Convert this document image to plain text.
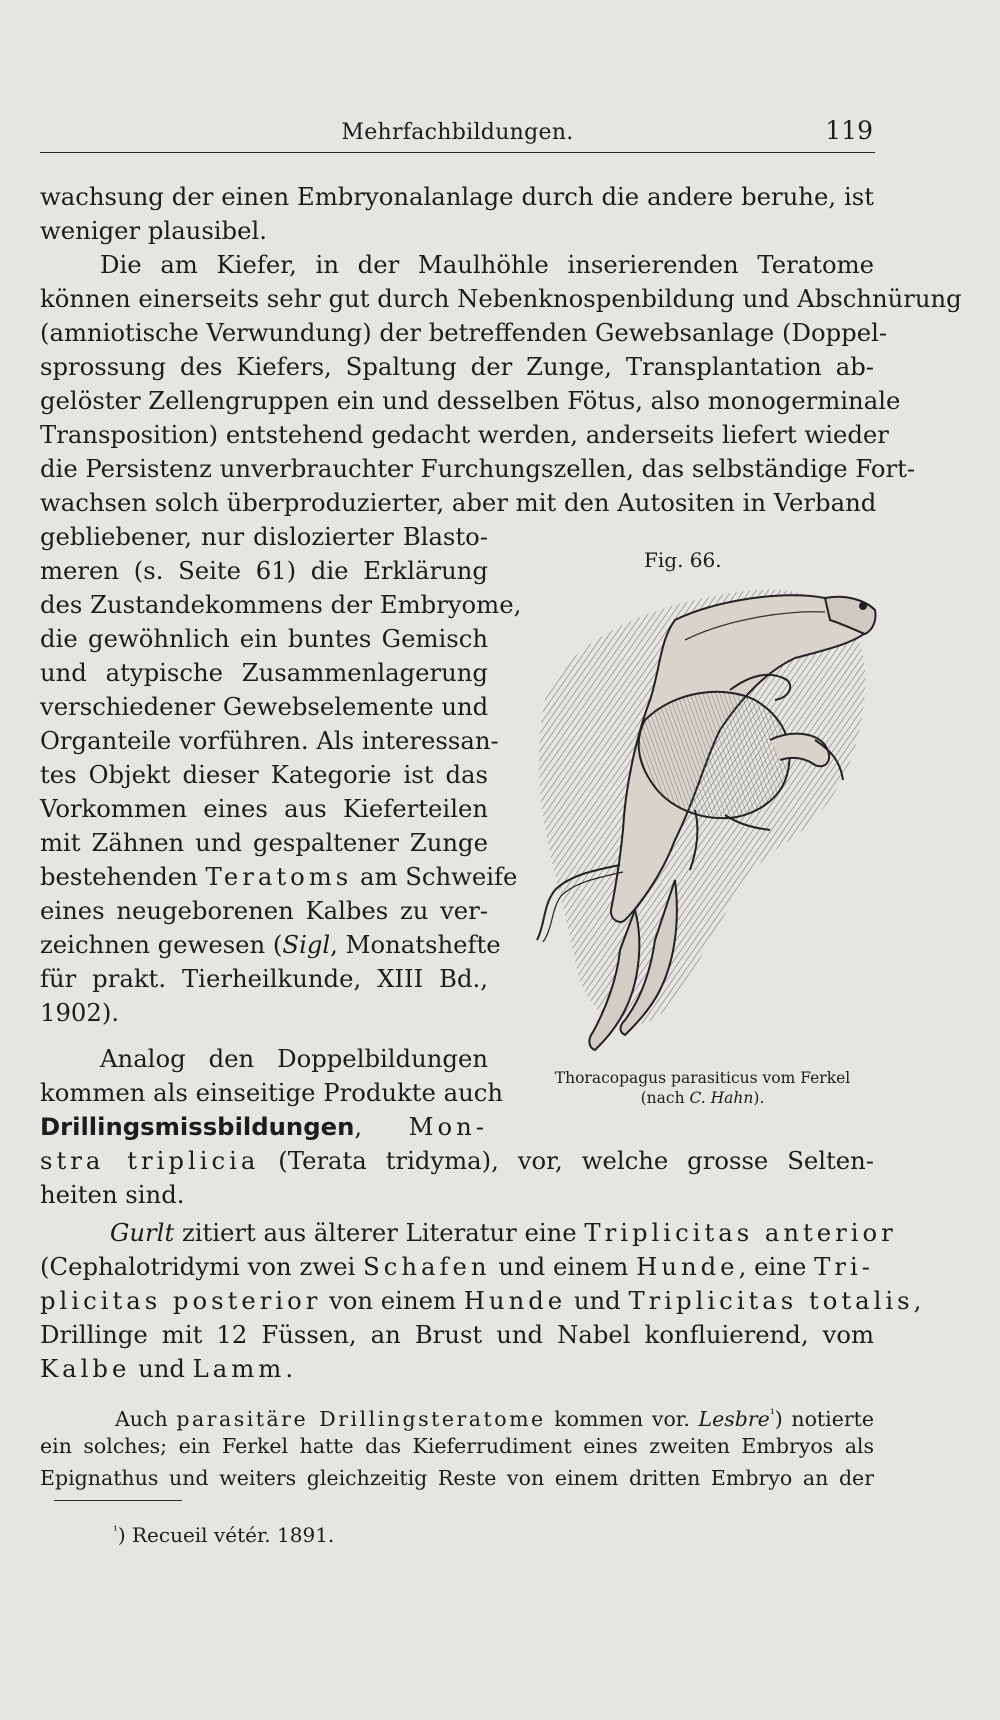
Mehrfachbildungen.	119
wachsung der einen Embryonalanlage durch die andere beruhe, ist
weniger plausibel.
Die am Kiefer, in der Maulhöhle inserierenden Teratome
können einerseits sehr gut durch Nebenknospenbildung und Abschnürung
(amniotische Verwundung) der betreffenden Gewebsanlage (Doppel-
sprossung des Kiefers, Spaltung der Zunge, Transplantation ab-
gelöster Zellengruppen ein und desselben Fötus, also monogerminale
Transposition) entstehend gedacht werden, anderseits liefert wieder
die Persistenz unverbrauchter Furchungszellen, das selbständige Fort-
wachsen solch überproduzierter, aber mit den Autositen in Verband
gebliebener, nur dislozierter Blasto-
meren (s. Seite 61) die Erklärung
des Zustandekommens der Embryome,
die gewöhnlich ein buntes Gemisch
und atypische Zusammenlagerung
verschiedener Gewebselemente und
Organteile vorführen. Als interessan-
tes Objekt dieser Kategorie ist das
Vorkommen eines aus Kieferteilen
mit Zähnen und gespaltener Zunge
bestehenden Teratoms am Schweife
eines neugeborenen Kalbes zu ver-
zeichnen gewesen (Sigl, Monatshefte
für prakt. Tierheilkunde, XIII Bd.,
1902).
Analog den Doppelbildungen
kommen als einseitige Produkte auch
Drillingsmissbildungen, Mon-
stra triplicia (Terata tridyma), vor, welche grosse Selten-
heiten sind.
Gurlt zitiert aus älterer Literatur eine Triplicitas anterior
(Cephalotridymi von zwei Schafen und einem Hunde, eine Tri-
plicitas posterior von einem Hunde und Triplicitas totalis,
Drillinge mit 12 Füssen, an Brust und Nabel konfluierend, vom
Kalbe und Lamm.
Auch parasitäre Drillingsteratome kommen vor. Lesbre$^{^1}$) notierte
ein solches; ein Ferkel hatte das Kieferrudiment eines zweiten Embryos als
Epignathus und weiters gleichzeitig Reste von einem dritten Embryo an der
Fig. 66.
Thoracopagus parasiticus vom Ferkel
(nach C. Hahn).
$^{^1}$) Recueil vétér. 1891.
